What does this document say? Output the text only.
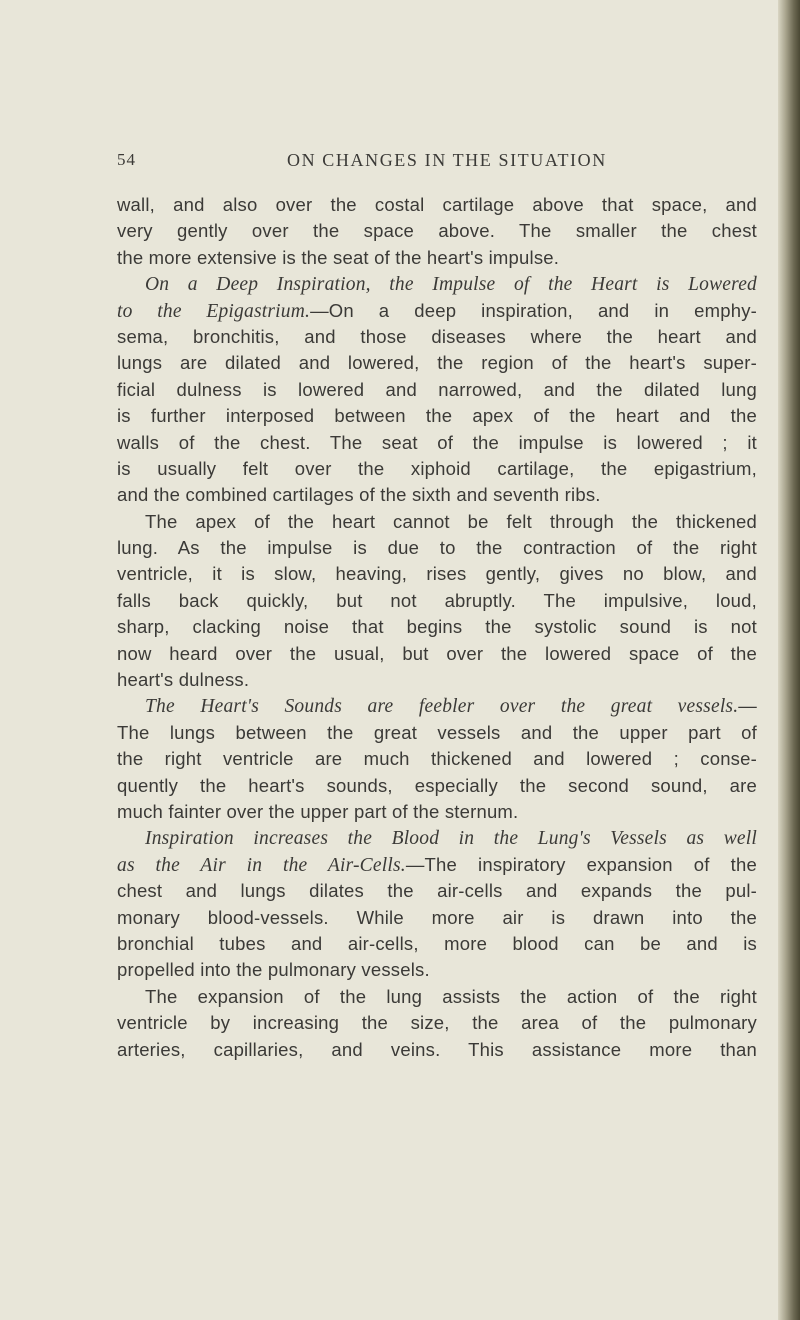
54	ON CHANGES IN THE SITUATION
wall, and also over the costal cartilage above that space, and
very gently over the space above. The smaller the chest
the more extensive is the seat of the heart's impulse.
On a Deep Inspiration, the Impulse of the Heart is Lowered
to the Epigastrium.—On a deep inspiration, and in emphy-
sema, bronchitis, and those diseases where the heart and
lungs are dilated and lowered, the region of the heart's super-
ficial dulness is lowered and narrowed, and the dilated lung
is further interposed between the apex of the heart and the
walls of the chest. The seat of the impulse is lowered ; it
is usually felt over the xiphoid cartilage, the epigastrium,
and the combined cartilages of the sixth and seventh ribs.
The apex of the heart cannot be felt through the thickened
lung. As the impulse is due to the contraction of the right
ventricle, it is slow, heaving, rises gently, gives no blow, and
falls back quickly, but not abruptly. The impulsive, loud,
sharp, clacking noise that begins the systolic sound is not
now heard over the usual, but over the lowered space of the
heart's dulness.
The Heart's Sounds are feebler over the great vessels.—
The lungs between the great vessels and the upper part of
the right ventricle are much thickened and lowered ; conse-
quently the heart's sounds, especially the second sound, are
much fainter over the upper part of the sternum.
Inspiration increases the Blood in the Lung's Vessels as well
as the Air in the Air-Cells.—The inspiratory expansion of the
chest and lungs dilates the air-cells and expands the pul-
monary blood-vessels. While more air is drawn into the
bronchial tubes and air-cells, more blood can be and is
propelled into the pulmonary vessels.
The expansion of the lung assists the action of the right
ventricle by increasing the size, the area of the pulmonary
arteries, capillaries, and veins. This assistance more than
